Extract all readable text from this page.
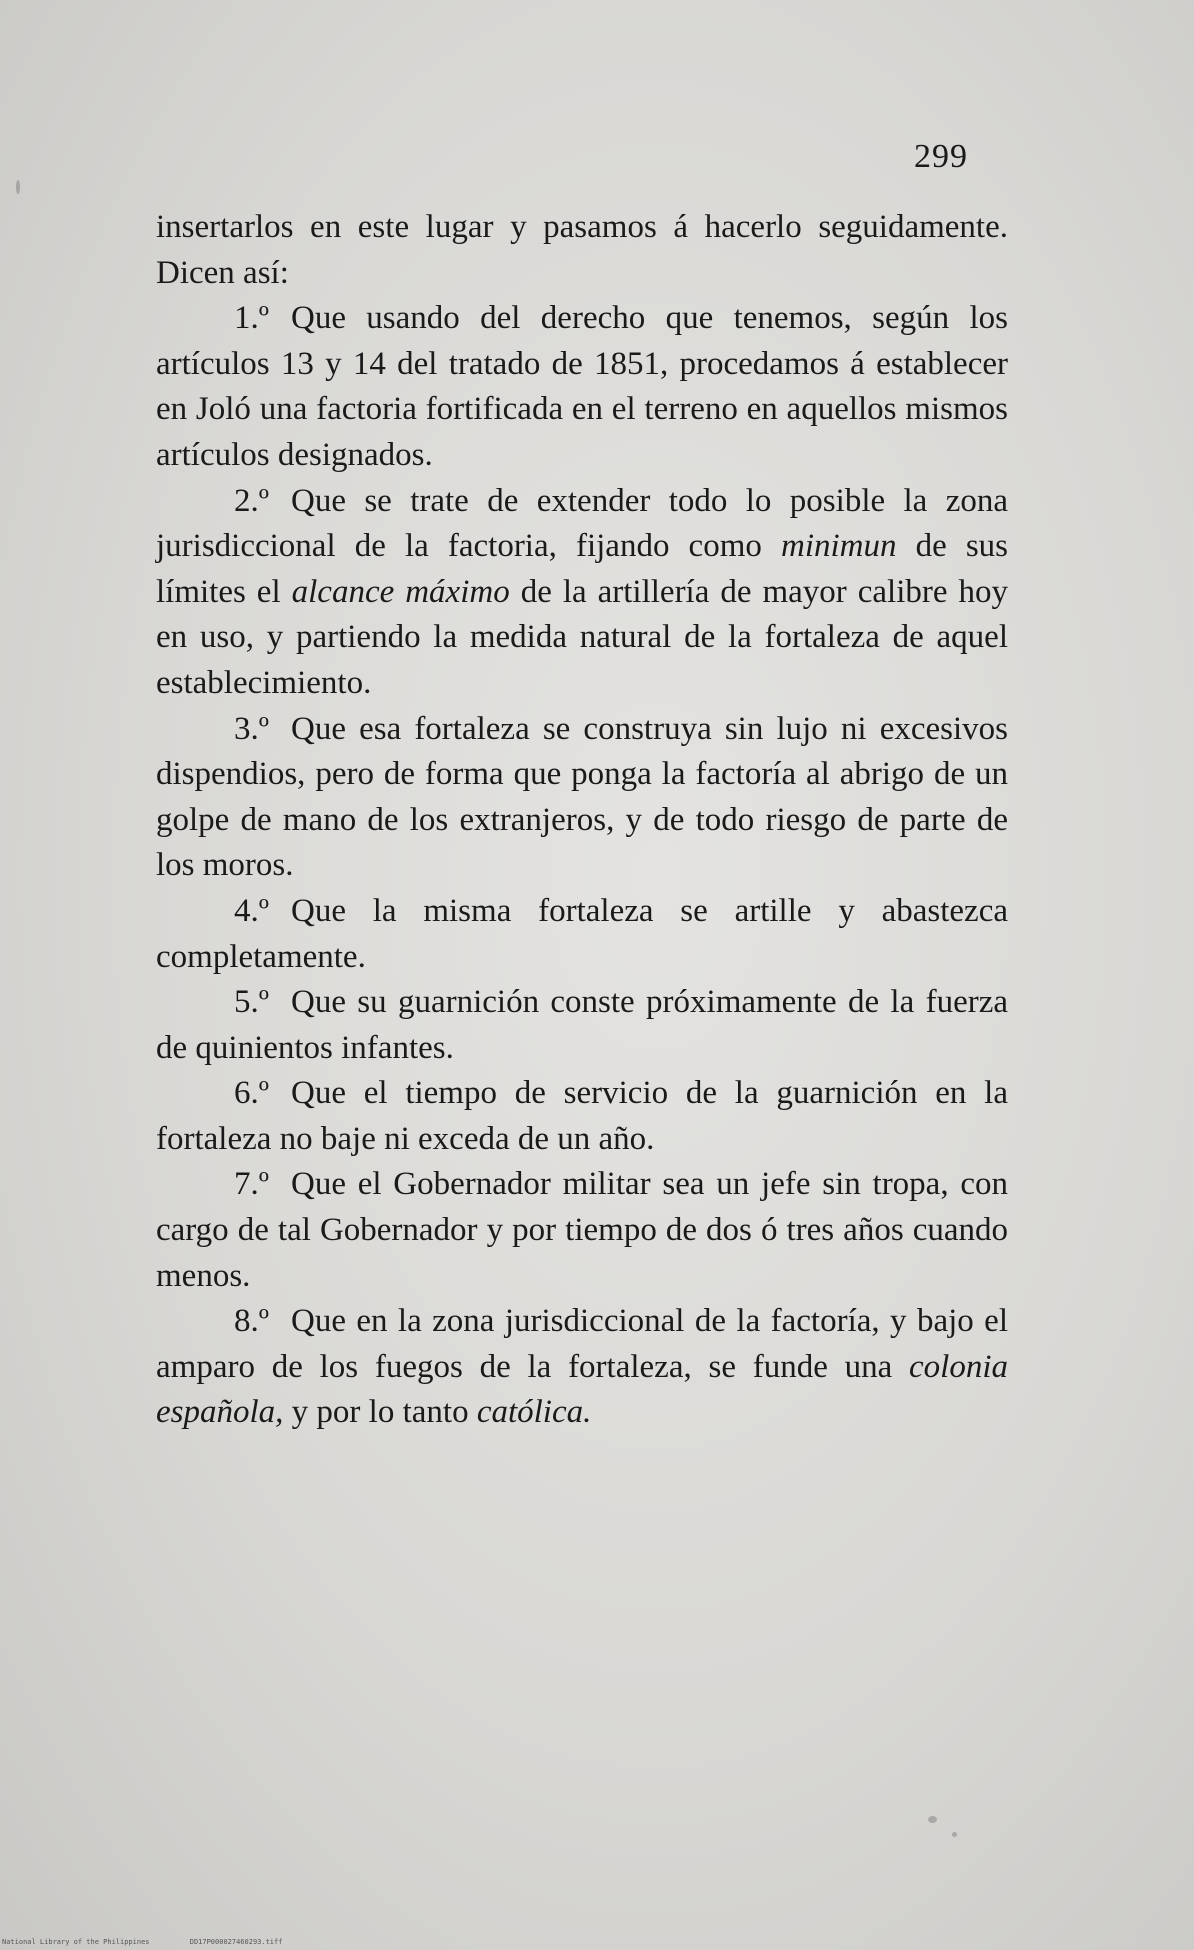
299

insertarlos en este lugar y pasamos á hacerlo seguidamente. Dicen así:

1.º Que usando del derecho que tenemos, según los artículos 13 y 14 del tratado de 1851, procedamos á establecer en Joló una factoria fortificada en el terreno en aquellos mismos artículos designados.

2.º Que se trate de extender todo lo posible la zona jurisdiccional de la factoria, fijando como minimun de sus límites el alcance máximo de la artillería de mayor calibre hoy en uso, y partiendo la medida natural de la fortaleza de aquel establecimiento.

3.º Que esa fortaleza se construya sin lujo ni excesivos dispendios, pero de forma que ponga la factoría al abrigo de un golpe de mano de los extranjeros, y de todo riesgo de parte de los moros.

4.º Que la misma fortaleza se artille y abastezca completamente.

5.º Que su guarnición conste próximamente de la fuerza de quinientos infantes.

6.º Que el tiempo de servicio de la guarnición en la fortaleza no baje ni exceda de un año.

7.º Que el Gobernador militar sea un jefe sin tropa, con cargo de tal Gobernador y por tiempo de dos ó tres años cuando menos.

8.º Que en la zona jurisdiccional de la factoría, y bajo el amparo de los fuegos de la fortaleza, se funde una colonia española, y por lo tanto católica.

National Library of the Philippines	DD17P000027460293.tiff
